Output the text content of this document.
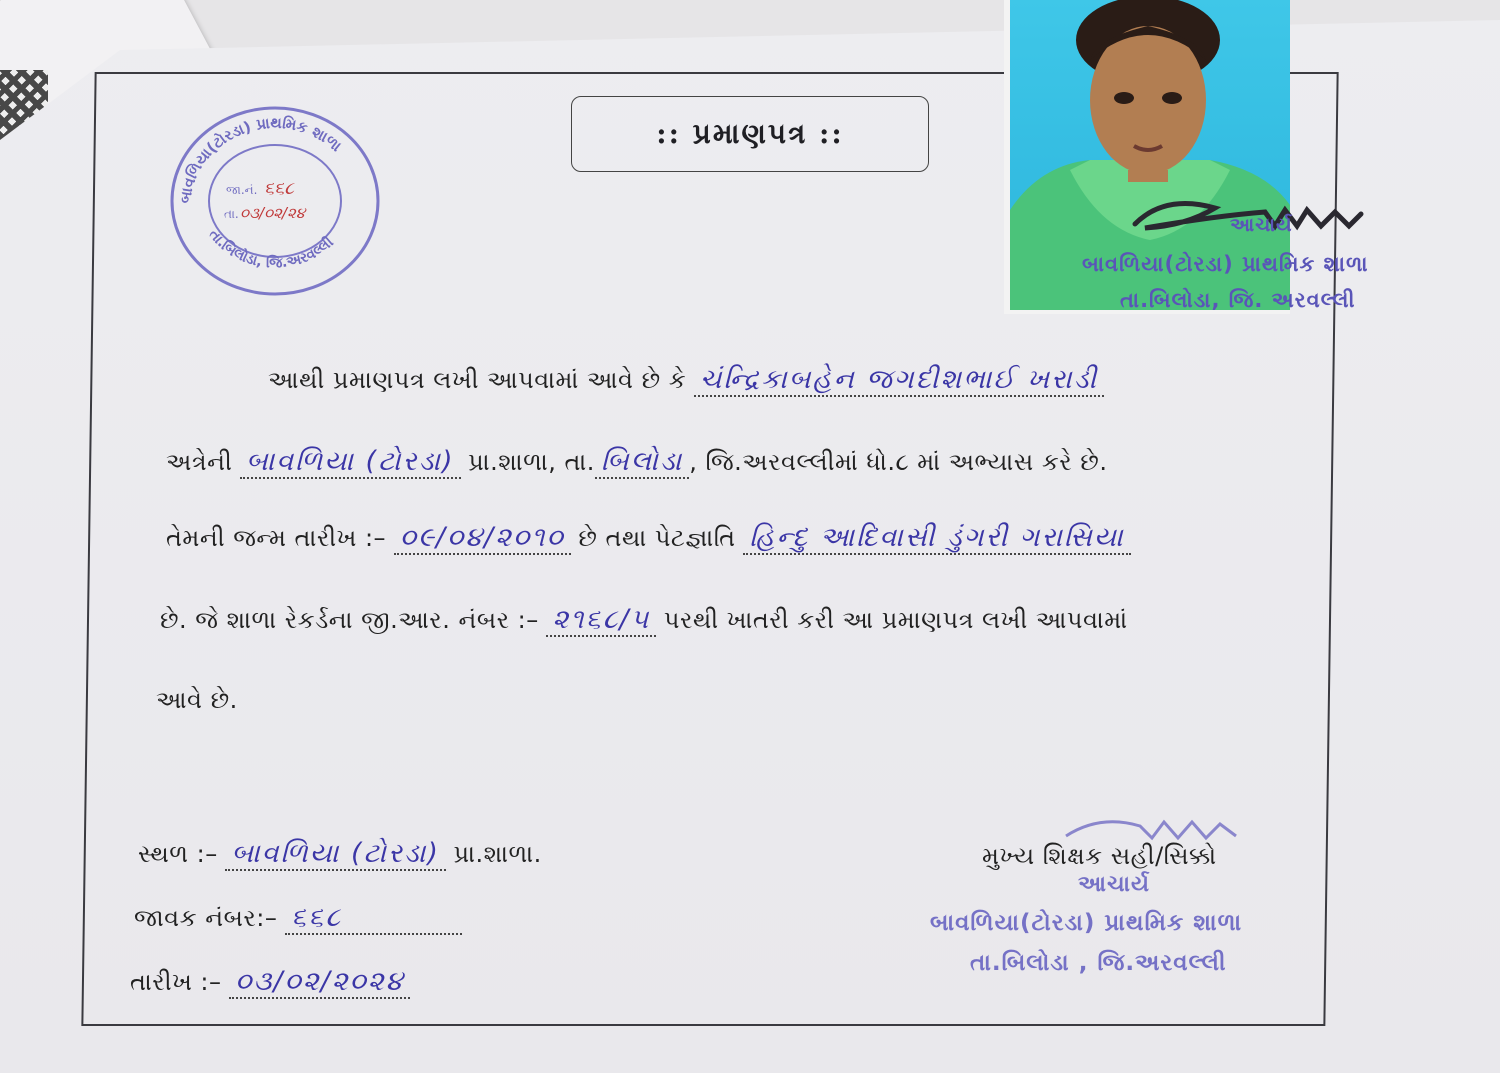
:: પ્રમાણપત્ર ::
બાવળિયા(ટોરડા) પ્રાથમિક શાળા
તા.બિલોડા, જિ.અરવલ્લી
જા.નં. ૬૬૮
તા. ૦૩/૦૨/૨૪
આચાર્ય
બાવળિયા(ટોરડા) પ્રાથમિક શાળા
તા.બિલોડા, જિ. અરવલ્લી
આથી પ્રમાણપત્ર લખી આપવામાં આવે છે કે ચંન્દ્રિકાબહેન જગદીશભાઈ ખરાડી
અત્રેની બાવળિયા (ટોરડા) પ્રા.શાળા, તા. બિલોડા , જિ.અરવલ્લીમાં ધો.૮ માં અભ્યાસ કરે છે.
તેમની જન્મ તારીખ :– ૦૯/૦૪/૨૦૧૦ છે તથા પેટજ્ઞાતિ હિન્દુ આદિવાસી ડુંગરી ગરાસિયા
છે. જે શાળા રેકર્ડના જી.આર. નંબર :– ૨૧૬૮/૫ પરથી ખાતરી કરી આ પ્રમાણપત્ર લખી આપવામાં
આવે છે.
સ્થળ :– બાવળિયા (ટોરડા) પ્રા.શાળા.
જાવક નંબર:– ૬૬૮
તારીખ :– ૦૩/૦૨/૨૦૨૪
મુખ્ય શિક્ષક સહી/સિક્કો
આચાર્ય
બાવળિયા(ટોરડા) પ્રાથમિક શાળા
તા.બિલોડા , જિ.અરવલ્લી
